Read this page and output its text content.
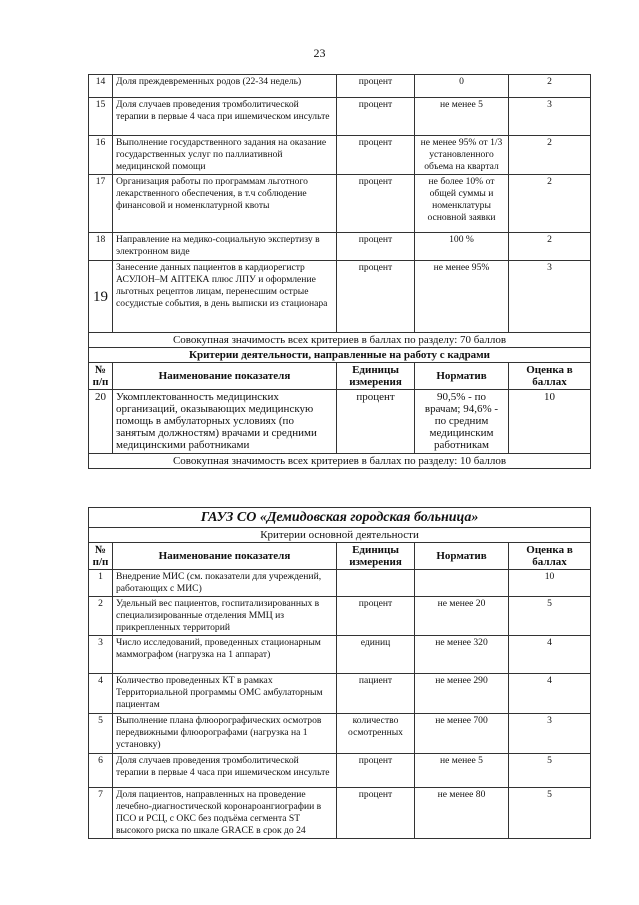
23
14	Доля преждевременных родов (22-34 недель)	процент	0	2
15	Доля случаев проведения тромболитической терапии в первые 4 часа при ишемическом инсульте	процент	не менее 5	3
16	Выполнение государственного задания на оказание государственных услуг по паллиативной медицинской помощи	процент	не менее 95% от 1/3 установленного объема на квартал	2
17	Организация работы по программам льготного лекарственного обеспечения, в т.ч соблюдение финансовой и номенклатурной квоты	процент	не более 10% от общей суммы и номенклатуры основной заявки	2
18	Направление на медико-социальную экспертизу в электронном виде	процент	100 %	2
19	Занесение данных пациентов в кардиорегистр АСУЛОН–М АПТЕКА плюс ЛПУ и оформление льготных рецептов лицам, перенесшим острые сосудистые события, в день выписки из стационара	процент	не менее 95%	3
Совокупная значимость всех критериев в баллах по разделу: 70 баллов				
Критерии деятельности, направленные на работу с кадрами				
№ п/п	Наименование показателя	Единицы измерения	Норматив	Оценка в баллах
20	Укомплектованность медицинских организаций, оказывающих медицинскую помощь в амбулаторных условиях (по занятым должностям) врачами и средними медицинскими работниками	процент	90,5% - по врачам; 94,6% - по средним медицинским работникам	10
Совокупная значимость всех критериев в баллах по разделу: 10 баллов				
ГАУЗ СО «Демидовская городская больница»				
Критерии основной деятельности				
№ п/п	Наименование показателя	Единицы измерения	Норматив	Оценка в баллах
1	Внедрение МИС (см. показатели для учреждений, работающих с МИС)			10
2	Удельный вес пациентов, госпитализированных в специализированные отделения ММЦ из прикрепленных территорий	процент	не менее 20	5
3	Число исследований, проведенных стационарным маммографом (нагрузка на 1 аппарат)	единиц	не менее 320	4
4	Количество проведенных КТ в рамках Территориальной программы ОМС амбулаторным пациентам	пациент	не менее 290	4
5	Выполнение плана флюорографических осмотров передвижными флюорографами (нагрузка на 1 установку)	количество осмотренных	не менее 700	3
6	Доля случаев проведения тромболитической терапии в первые 4 часа при ишемическом инсульте	процент	не менее 5	5
7	Доля пациентов, направленных на проведение лечебно-диагностической коронароангиографии в ПСО и РСЦ, с ОКС без подъёма сегмента ST высокого риска по шкале GRACE в срок до 24	процент	не менее 80	5
